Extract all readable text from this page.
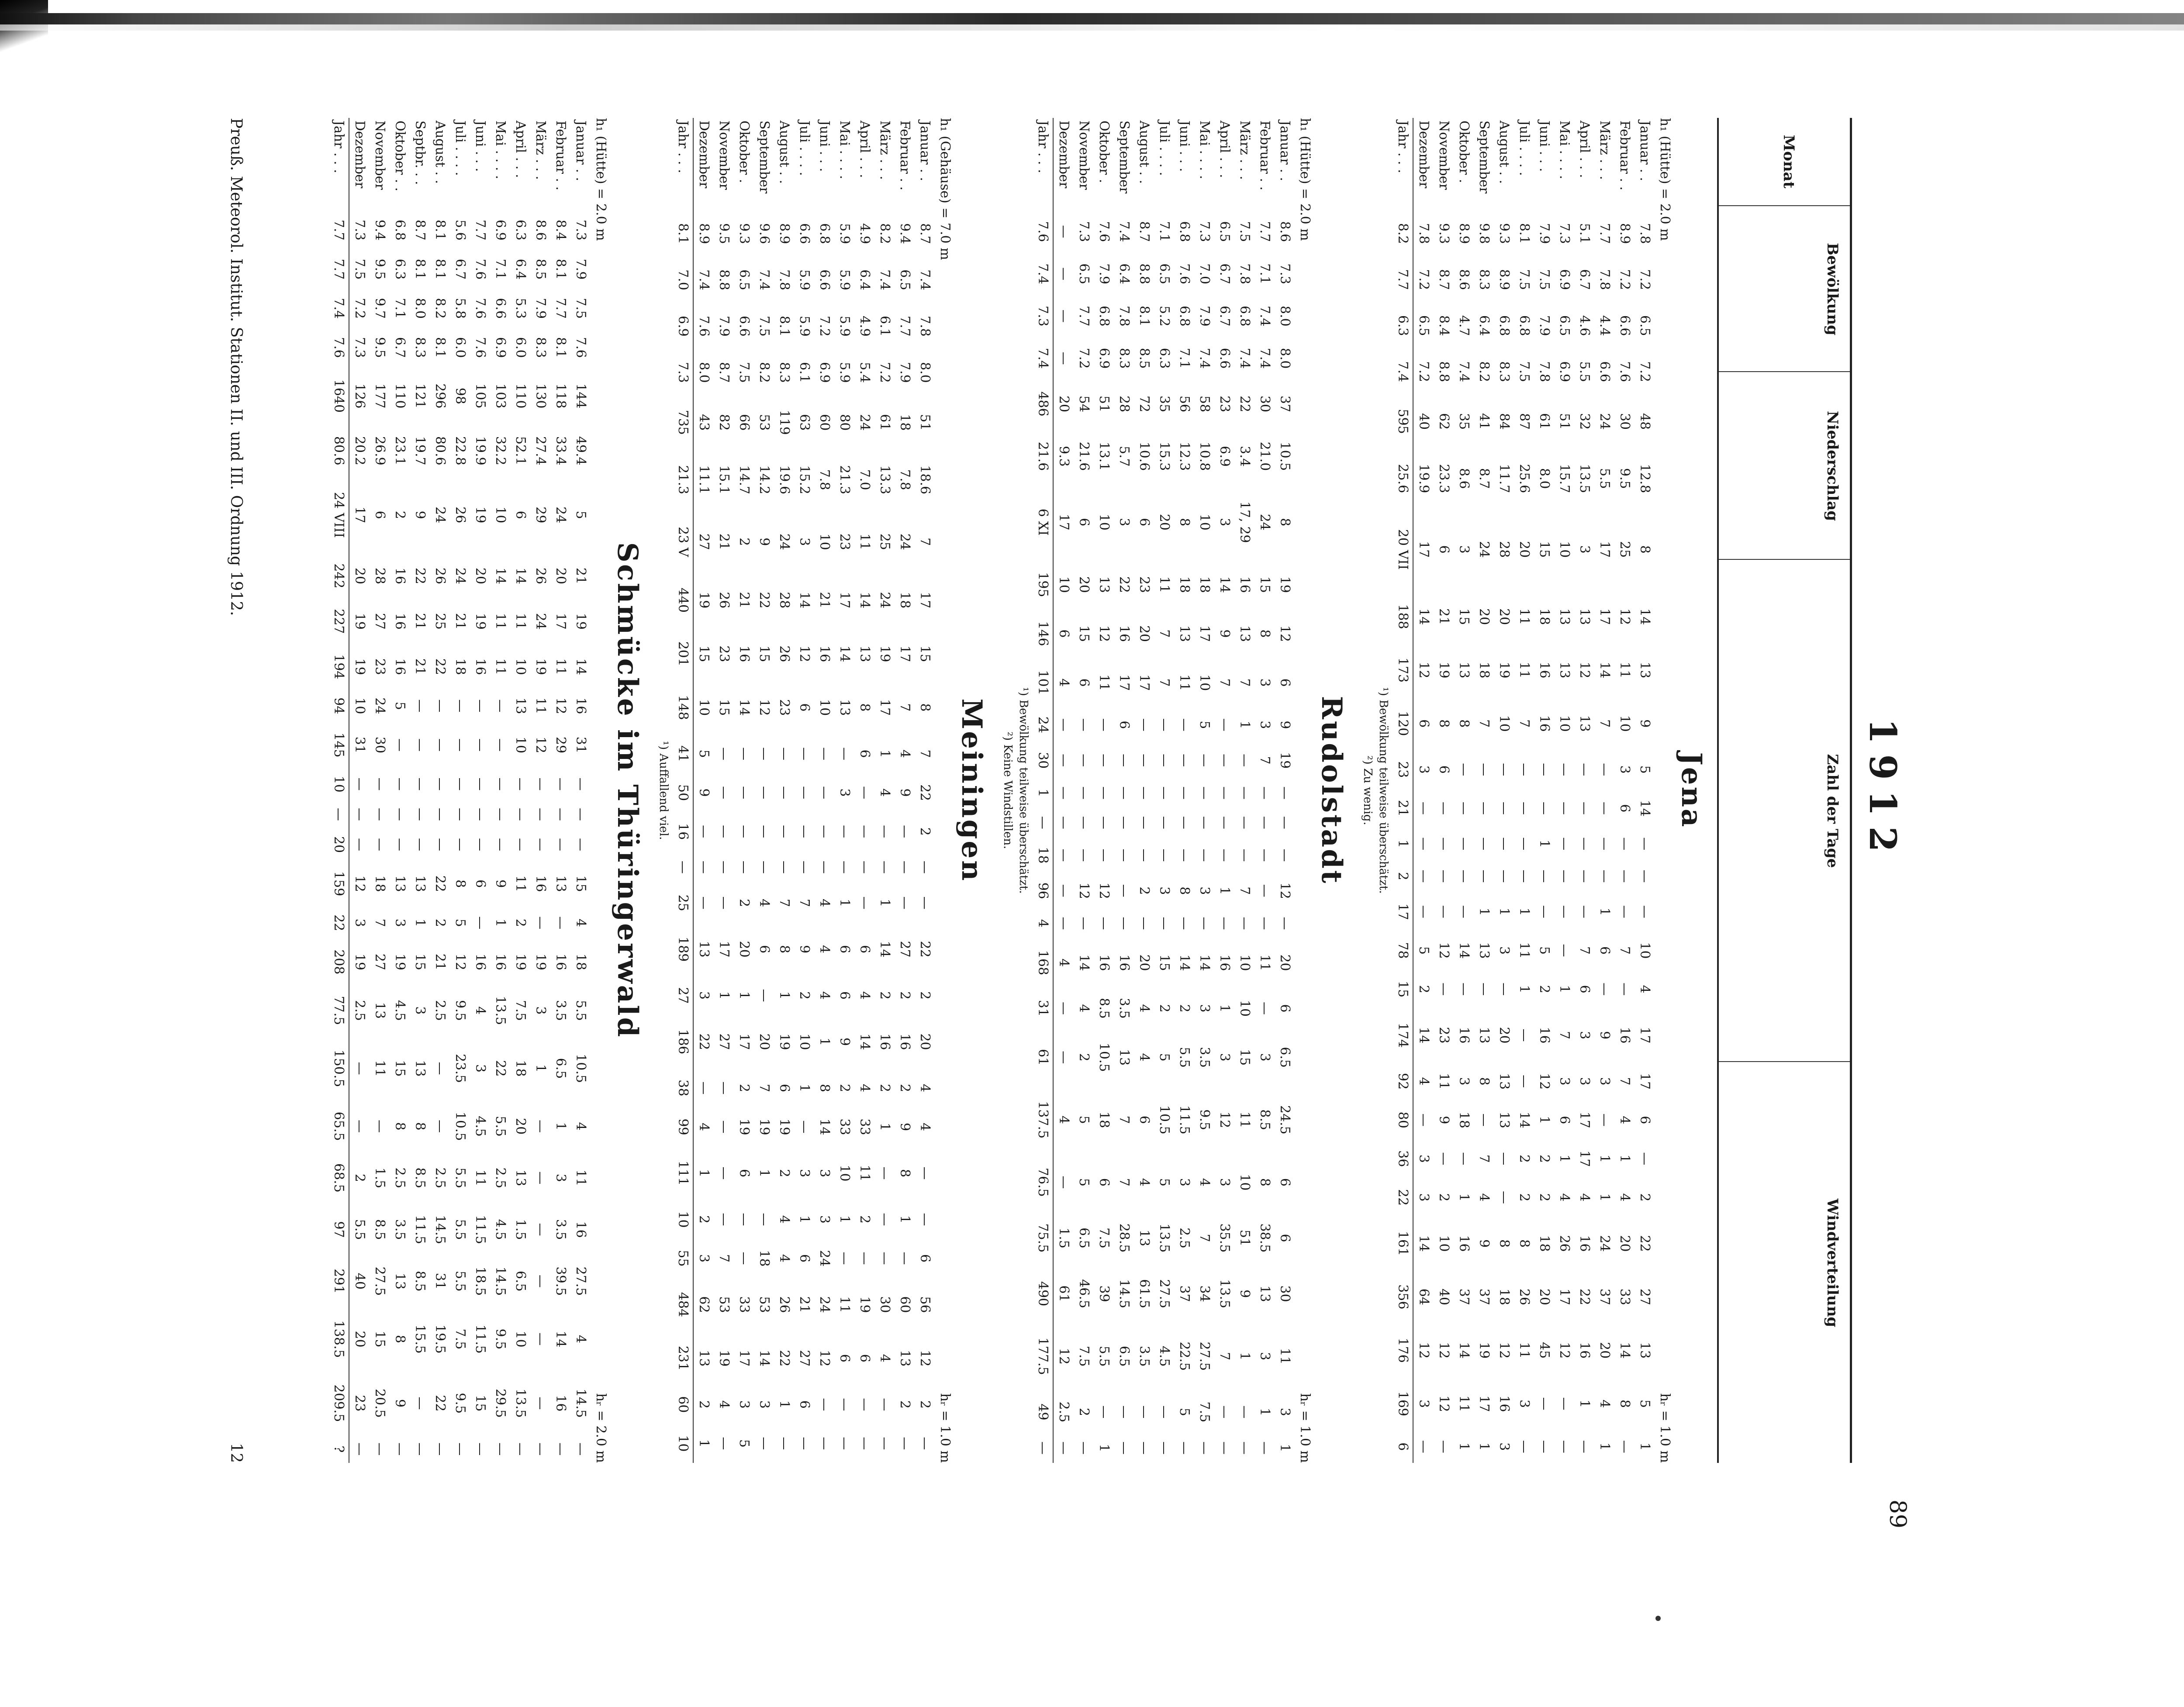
1912
89
Monat
Bewölkung
Niederschlag
Zahl der Tage
Windverteilung
Jena
h₁ (Hütte) = 2.0 m
hᵣ = 1.0 m
Januar . .	7.8	7.2	6.5	7.2	48	12.8	8	14	13	9	5	14	—	—	—	10	4	17	17	6	—	2	22	27	13	5	1
Februar . .	8.9	7.2	6.6	7.6	30	9.5	25	12	11	10	3	6	—	—	—	7	—	16	7	4	1	4	20	33	14	8	—
März . . .	7.7	7.8	4.4	6.6	24	5.5	17	17	14	7	—	—	—	—	1	6	—	9	3	—	1	1	24	37	20	4	1
April . . .	5.1	6.7	4.6	5.5	32	13.5	3	13	12	13	—	—	—	—	—	7	6	3	3	17	17	4	16	22	16	1	—
Mai . . . .	7.3	6.9	6.5	6.9	51	15.7	10	13	13	10	—	—	—	—	—	—	1	7	3	6	1	4	26	17	12	—	—
Juni . . .	7.9	7.5	7.9	7.8	61	8.0	15	18	16	16	—	—	1	—	—	5	2	16	12	1	2	2	18	20	45	—	—
Juli . . . .	8.1	7.5	6.8	7.5	87	25.6	20	11	11	7	—	—	—	—	1	11	1	—	—	14	2	2	8	26	11	3	—
August . .	9.3	8.9	6.8	8.3	84	11.7	28	20	19	10	—	—	—	—	1	3	—	20	13	13	—	—	8	18	12	16	3
September	9.8	8.3	6.4	8.2	41	8.7	24	20	18	7	—	—	—	—	1	13	—	13	8	—	7	4	9	37	19	17	1
Oktober .	8.9	8.6	4.7	7.4	35	8.6	3	15	13	8	—	—	—	—	—	14	—	16	3	18	—	1	16	37	14	11	1
November	9.3	8.7	8.4	8.8	62	23.3	6	21	19	8	6	—	—	—	—	12	—	23	11	9	—	2	10	40	12	12	—
Dezember	7.8	7.2	6.5	7.2	40	19.9	17	14	12	6	3	—	—	—	—	5	2	14	4	—	3	3	14	64	12	3	—
Jahr . . .	8.2	7.7	6.3	7.4	595	25.6	20 VII	188	173	120	23	21	1	2	17	78	15	174	92	80	36	22	161	356	176	169	6
¹) Bewölkung teilweise überschätzt.
²) Zu wenig.
Rudolstadt
h₁ (Hütte) = 2.0 m
hᵣ = 1.0 m
Januar . .	8.6	7.3	8.0	8.0	37	10.5	8	19	12	6	9	19	—	—	—	12	—	20	6	6.5	24.5	6	6	30	11	3	1
Februar . .	7.7	7.1	7.4	7.4	30	21.0	24	15	8	3	3	7	—	—	—	—	—	11	—	3	8.5	8	38.5	13	3	1	—
März . . .	7.5	7.8	6.8	7.4	22	3.4	17, 29	16	13	7	1	—	—	—	—	7	—	10	10	15	11	10	51	9	1	—	—
April . . .	6.5	6.7	6.7	6.6	23	6.9	3	14	9	7	—	—	—	—	—	1	—	16	1	3	12	3	35.5	13.5	7	—	—
Mai . . . .	7.3	7.0	7.9	7.4	58	10.8	10	18	17	10	5	—	—	—	—	3	—	14	3	3.5	9.5	4	7	34	27.5	7.5	—
Juni . . .	6.8	7.6	6.8	7.1	56	12.3	8	18	13	11	—	—	—	—	—	8	—	14	2	5.5	11.5	3	2.5	37	22.5	5	—
Juli . . . .	7.1	6.5	5.2	6.3	35	15.3	20	11	7	7	—	—	—	—	—	3	—	15	2	5	10.5	5	13.5	27.5	4.5	—	—
August . .	8.7	8.8	8.1	8.5	72	10.6	6	23	20	17	—	—	—	—	—	2	—	20	4	4	6	4	13	61.5	3.5	—	—
September	7.4	6.4	7.8	8.3	28	5.7	3	22	16	17	6	—	—	—	—	—	—	16	3.5	13	7	7	28.5	14.5	6.5	—	—
Oktober .	7.6	7.9	6.8	6.9	51	13.1	10	13	12	11	—	—	—	—	—	12	—	16	8.5	10.5	18	6	7.5	39	5.5	—	1
November	7.3	6.5	7.7	7.2	54	21.6	6	20	15	6	—	—	—	—	—	12	—	14	4	2	5	5	6.5	46.5	7.5	2	—
Dezember	—	—	—	—	20	9.3	17	10	6	4	—	—	—	—	—	—	—	4	—	—	4	—	1.5	61	12	2.5	—
Jahr . . .	7.6	7.4	7.3	7.4	486	21.6	6 XI	195	146	101	24	30	1	—	18	96	4	168	31	61	137.5	76.5	75.5	490	177.5	49	—
¹) Bewölkung teilweise überschätzt.
²) Keine Windstillen.
Meiningen
h₁ (Gehäuse) = 7.0 m
hᵣ = 1.0 m
Januar . .	8.7	7.4	7.8	8.0	51	18.6	7	17	15	8	7	22	2	—	—	22	2	20	4	4	—	—	6	56	12	2	—
Februar . .	9.4	6.5	7.7	7.9	18	7.8	24	18	17	7	4	9	—	—	—	27	2	16	2	9	8	1	—	60	13	2	—
März . . .	8.2	7.4	6.1	7.2	61	13.3	25	24	19	17	1	4	—	—	1	14	2	16	2	1	—	—	—	30	4	—	—
April . . .	4.9	6.4	4.9	5.4	24	7.0	11	14	13	8	6	—	—	—	—	6	4	14	4	33	11	2	—	19	6	—	—
Mai . . . .	5.9	5.9	5.9	5.9	80	21.3	23	17	14	13	—	3	—	—	1	6	6	9	2	33	10	1	—	11	6	—	—
Juni . . .	6.8	6.6	7.2	6.9	60	7.8	10	21	16	10	—	—	—	—	4	4	4	1	8	14	3	3	24	24	12	—	—
Juli . . . .	6.6	5.9	5.9	6.1	63	15.2	3	14	12	6	—	—	—	—	7	9	2	10	1	—	3	1	6	21	27	6	—
August . .	8.9	7.8	8.1	8.3	119	19.6	24	28	26	23	—	—	—	—	7	8	1	19	6	19	2	4	4	26	22	1	—
September	9.6	7.4	7.5	8.2	53	14.2	9	22	15	12	—	—	—	—	4	6	—	20	7	19	1	—	18	53	14	3	—
Oktober .	9.3	6.5	6.6	7.5	66	14.7	2	21	16	14	—	—	—	—	2	20	1	17	2	19	6	—	—	33	17	3	5
November	9.5	8.8	7.9	8.7	82	15.1	21	26	23	15	—	—	—	—	—	17	1	27	—	—	—	—	7	53	19	4	—
Dezember	8.9	7.4	7.6	8.0	43	11.1	27	19	15	10	5	9	—	—	—	13	3	22	—	4	1	2	3	62	13	2	1
Jahr . . .	8.1	7.0	6.9	7.3	735	21.3	23 V	440	201	148	41	50	16	—	25	189	27	186	38	99	111	10	55	484	231	60	10
¹) Auffallend viel.
Schmücke im Thüringerwald
h₁ (Hütte) = 2.0 m
hᵣ = 2.0 m
Januar . .	7.3	7.9	7.5	7.6	144	49.4	5	21	19	14	16	31	—	—	—	15	4	18	5.5	10.5	4	11	16	27.5	4	14.5	—
Februar . .	8.4	8.1	7.7	8.1	118	33.4	24	20	17	11	12	29	—	—	—	13	—	16	3.5	6.5	1	3	3.5	39.5	14	16	—
März . . .	8.6	8.5	7.9	8.3	130	27.4	29	26	24	19	11	12	—	—	—	16	—	19	3	1	—	—	—	—	—	—	—
April . . .	6.3	6.4	5.3	6.0	110	52.1	6	14	11	10	13	10	—	—	—	11	2	19	7.5	18	20	13	1.5	6.5	10	13.5	—
Mai . . . .	6.9	7.1	6.6	6.9	103	32.2	10	14	11	11	—	—	—	—	—	9	1	16	13.5	22	5.5	2.5	4.5	14.5	9.5	29.5	—
Juni . . .	7.7	7.6	7.6	7.6	105	19.9	19	20	19	16	—	—	—	—	—	6	—	16	4	3	4.5	11	11.5	18.5	11.5	15	—
Juli . . . .	5.6	6.7	5.8	6.0	98	22.8	26	24	21	18	—	—	—	—	—	8	5	12	9.5	23.5	10.5	5.5	5.5	5.5	7.5	9.5	—
August . .	8.1	8.1	8.2	8.1	296	80.6	24	26	25	22	—	—	—	—	—	22	2	21	2.5	—	—	2.5	14.5	31	19.5	22	—
Septbr. . .	8.7	8.1	8.0	8.3	121	19.7	9	22	21	21	—	—	—	—	—	13	1	15	3	13	8	8.5	11.5	8.5	15.5	—	—
Oktober . .	6.8	6.3	7.1	6.7	110	23.1	2	16	16	16	5	—	—	—	—	13	3	19	4.5	15	8	2.5	3.5	13	8	9	—
November	9.4	9.5	9.7	9.5	177	26.9	6	28	27	23	24	30	—	—	—	18	7	27	13	11	—	1.5	8.5	27.5	15	20.5	—
Dezember	7.3	7.5	7.2	7.3	126	20.2	17	20	19	19	10	31	—	—	—	12	3	19	2.5	—	—	2	5.5	40	20	23	—
Jahr . . .	7.7	7.7	7.4	7.6	1640	80.6	24 VIII	242	227	194	94	145	10	—	20	159	22	208	77.5	150.5	65.5	68.5	97	291	138.5	209.5	?
Preuß. Meteorol. Institut. Stationen II. und III. Ordnung 1912.
12
